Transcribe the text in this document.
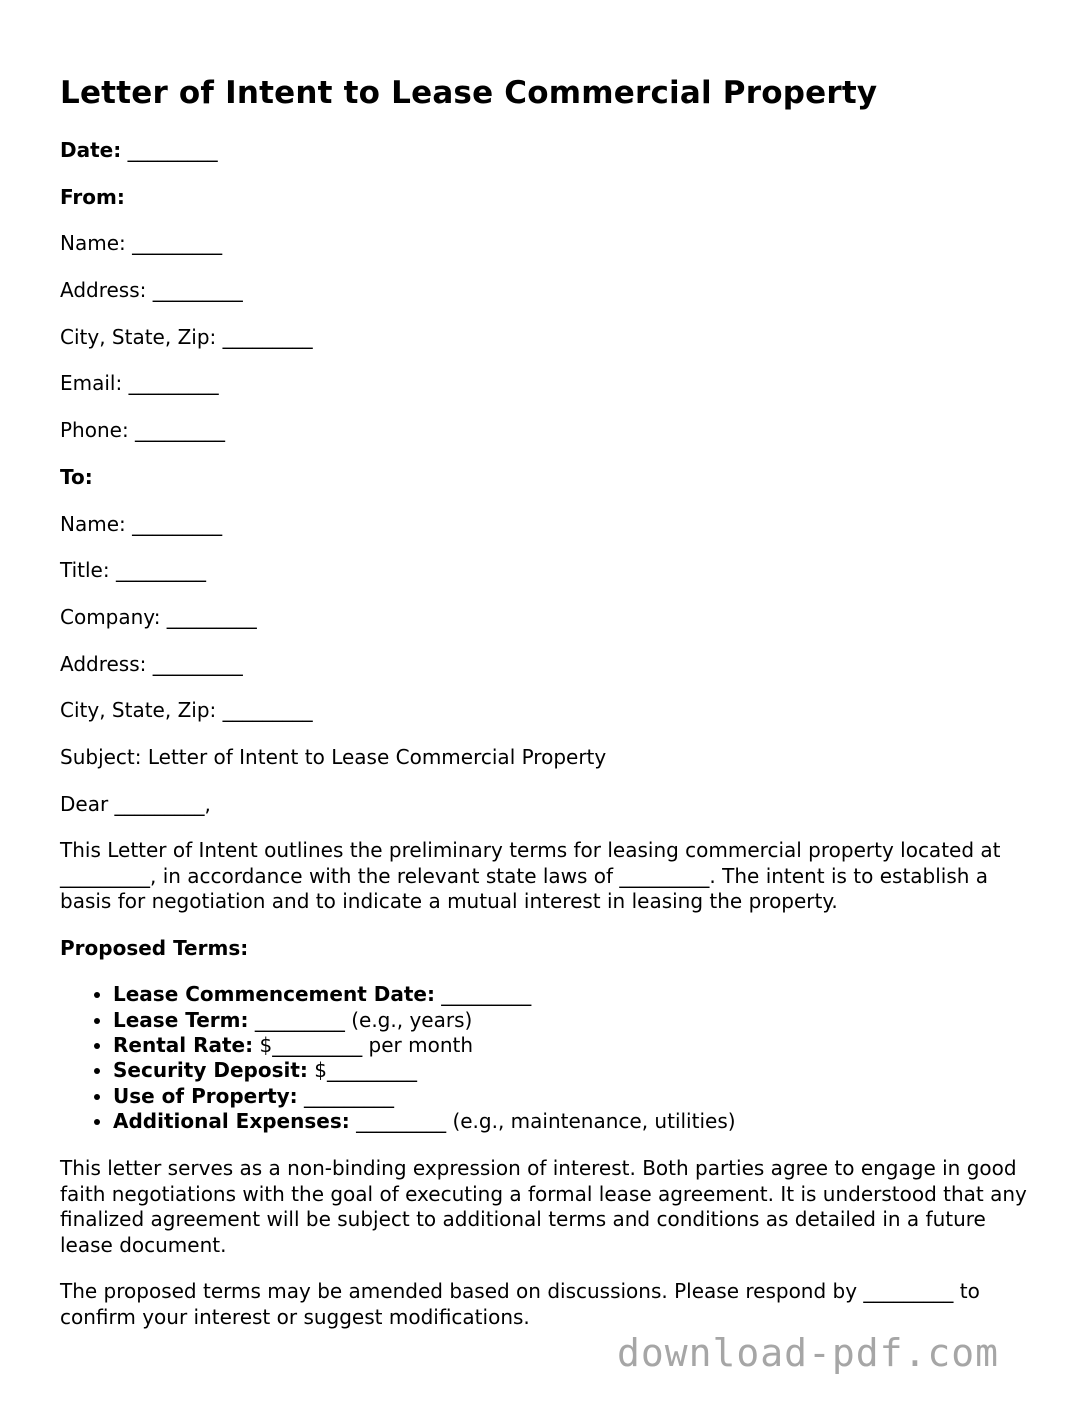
Letter of Intent to Lease Commercial Property

Date: _________

From:

Name: _________

Address: _________

City, State, Zip: _________

Email: _________

Phone: _________

To:

Name: _________

Title: _________

Company: _________

Address: _________

City, State, Zip: _________

Subject: Letter of Intent to Lease Commercial Property

Dear _________,

This Letter of Intent outlines the preliminary terms for leasing commercial property located at _________, in accordance with the relevant state laws of _________. The intent is to establish a basis for negotiation and to indicate a mutual interest in leasing the property.

Proposed Terms:

• Lease Commencement Date: _________
• Lease Term: _________ (e.g., years)
• Rental Rate: $_________ per month
• Security Deposit: $_________
• Use of Property: _________
• Additional Expenses: _________ (e.g., maintenance, utilities)

This letter serves as a non-binding expression of interest. Both parties agree to engage in good faith negotiations with the goal of executing a formal lease agreement. It is understood that any finalized agreement will be subject to additional terms and conditions as detailed in a future lease document.

The proposed terms may be amended based on discussions. Please respond by _________ to confirm your interest or suggest modifications.

download-pdf.com
